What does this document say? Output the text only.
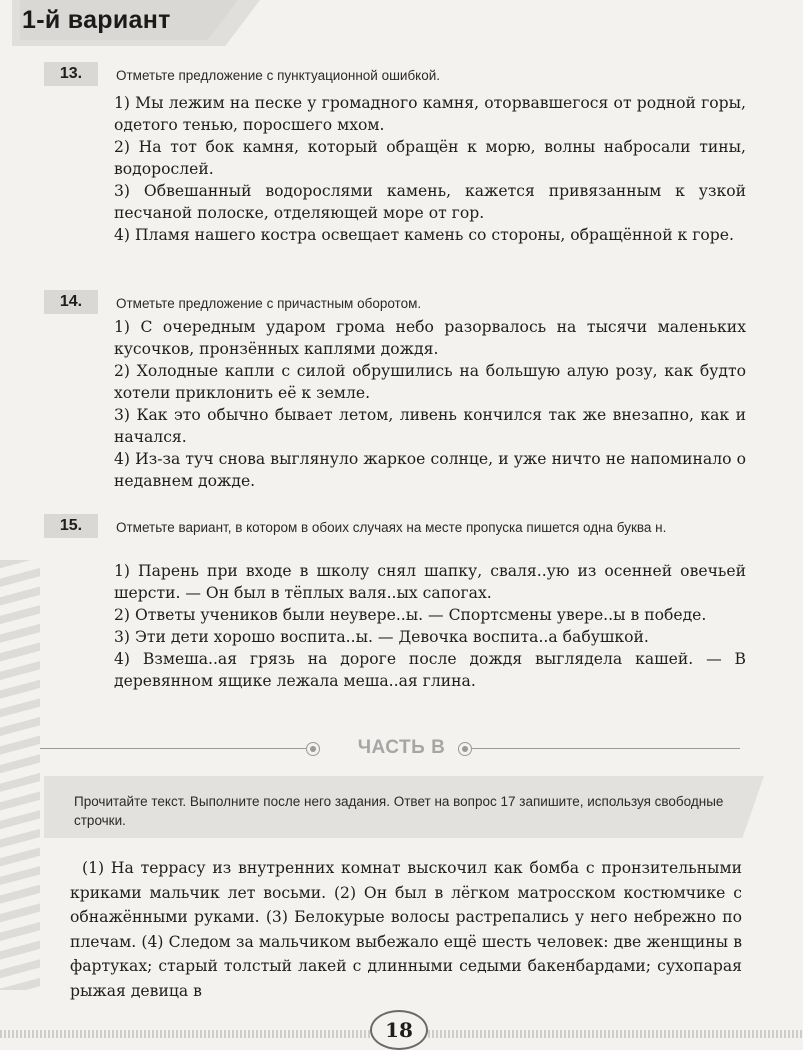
1-й вариант
13.	Отметьте предложение с пунктуационной ошибкой.

1) Мы лежим на песке у громадного камня, оторвавшегося от родной горы, одетого тенью, поросшего мхом.

2) На тот бок камня, который обращён к морю, волны набросали тины, водорослей.

3) Обвешанный водорослями камень, кажется привязанным к узкой песчаной полоске, отделяющей море от гор.

4) Пламя нашего костра освещает камень со стороны, обращённой к горе.

14.	Отметьте предложение с причастным оборотом.

1) С очередным ударом грома небо разорвалось на тысячи маленьких кусочков, пронзённых каплями дождя.

2) Холодные капли с силой обрушились на большую алую розу, как будто хотели приклонить её к земле.

3) Как это обычно бывает летом, ливень кончился так же внезапно, как и начался.

4) Из-за туч снова выглянуло жаркое солнце, и уже ничто не напоминало о недавнем дожде.

15.	Отметьте вариант, в котором в обоих случаях на месте пропуска пишется одна буква н.

1) Парень при входе в школу снял шапку, сваля..ую из осенней овечьей шерсти. — Он был в тёплых валя..ых сапогах.

2) Ответы учеников были неувере..ы. — Спортсмены увере..ы в победе.

3) Эти дети хорошо воспита..ы. — Девочка воспита..а бабушкой.

4) Взмеша..ая грязь на дороге после дождя выглядела кашей. — В деревянном ящике лежала меша..ая глина.

ЧАСТЬ В
Прочитайте текст. Выполните после него задания. Ответ на вопрос 17 запишите, используя свободные строчки.
(1) На террасу из внутренних комнат выскочил как бомба с пронзительными криками мальчик лет восьми. (2) Он был в лёгком матросском костюмчике с обнажёнными руками. (3) Белокурые волосы растрепались у него небрежно по плечам. (4) Следом за мальчиком выбежало ещё шесть человек: две женщины в фартуках; старый толстый лакей с длинными седыми бакенбардами; сухопарая рыжая девица в
18
